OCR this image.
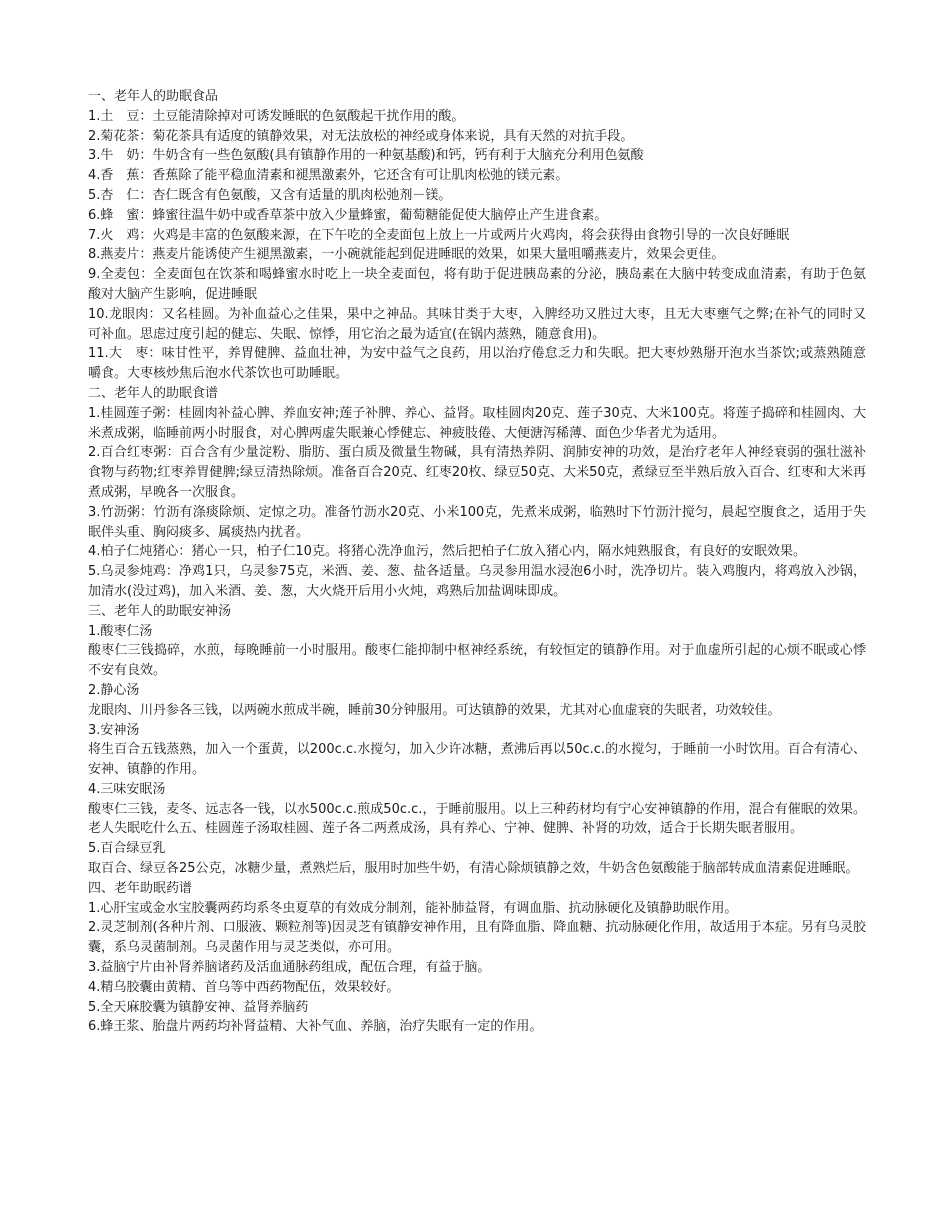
一、老年人的助眠食品

1.土　豆：土豆能清除掉对可诱发睡眠的色氨酸起干扰作用的酸。

2.菊花茶：菊花茶具有适度的镇静效果，对无法放松的神经或身体来说，具有天然的对抗手段。

3.牛　奶：牛奶含有一些色氨酸(具有镇静作用的一种氨基酸)和钙，钙有利于大脑充分利用色氨酸

4.香　蕉：香蕉除了能平稳血清素和褪黑激素外，它还含有可让肌肉松弛的镁元素。

5.杏　仁：杏仁既含有色氨酸，又含有适量的肌肉松弛剂－镁。

6.蜂　蜜：蜂蜜往温牛奶中或香草茶中放入少量蜂蜜，葡萄糖能促使大脑停止产生进食素。

7.火　鸡：火鸡是丰富的色氨酸来源，在下午吃的全麦面包上放上一片或两片火鸡肉，将会获得由食物引导的一次良好睡眠

8.燕麦片：燕麦片能诱使产生褪黑激素，一小碗就能起到促进睡眠的效果，如果大量咀嚼燕麦片，效果会更佳。

9.全麦包：全麦面包在饮茶和喝蜂蜜水时吃上一块全麦面包，将有助于促进胰岛素的分泌，胰岛素在大脑中转变成血清素，有助于色氨酸对大脑产生影响，促进睡眠

10.龙眼肉：又名桂圆。为补血益心之佳果，果中之神品。其味甘类于大枣，入脾经功又胜过大枣，且无大枣壅气之弊;在补气的同时又可补血。思虑过度引起的健忘、失眠、惊悸，用它治之最为适宜(在锅内蒸熟，随意食用)。

11.大　枣：味甘性平，养胃健脾、益血壮神，为安中益气之良药，用以治疗倦怠乏力和失眠。把大枣炒熟掰开泡水当茶饮;或蒸熟随意嚼食。大枣核炒焦后泡水代茶饮也可助睡眠。

二、老年人的助眠食谱

1.桂圆莲子粥：桂圆肉补益心脾、养血安神;莲子补脾、养心、益肾。取桂圆肉20克、莲子30克、大米100克。将莲子捣碎和桂圆肉、大米煮成粥，临睡前两小时服食，对心脾两虚失眠兼心悸健忘、神疲肢倦、大便溏泻稀薄、面色少华者尤为适用。

2.百合红枣粥：百合含有少量淀粉、脂肪、蛋白质及微量生物碱，具有清热养阴、润肺安神的功效，是治疗老年人神经衰弱的强壮滋补食物与药物;红枣养胃健脾;绿豆清热除烦。准备百合20克、红枣20枚、绿豆50克、大米50克，煮绿豆至半熟后放入百合、红枣和大米再煮成粥，早晚各一次服食。

3.竹沥粥：竹沥有涤痰除烦、定惊之功。准备竹沥水20克、小米100克，先煮米成粥，临熟时下竹沥汁搅匀，晨起空腹食之，适用于失眠伴头重、胸闷痰多、属痰热内扰者。

4.柏子仁炖猪心：猪心一只，柏子仁10克。将猪心洗净血污，然后把柏子仁放入猪心内，隔水炖熟服食，有良好的安眠效果。

5.乌灵参炖鸡：净鸡1只，乌灵参75克，米酒、姜、葱、盐各适量。乌灵参用温水浸泡6小时，洗净切片。装入鸡腹内，将鸡放入沙锅，加清水(没过鸡)，加入米酒、姜、葱，大火烧开后用小火炖，鸡熟后加盐调味即成。

三、老年人的助眠安神汤

1.酸枣仁汤

酸枣仁三钱捣碎，水煎，每晚睡前一小时服用。酸枣仁能抑制中枢神经系统，有较恒定的镇静作用。对于血虚所引起的心烦不眠或心悸不安有良效。

2.静心汤

龙眼肉、川丹参各三钱，以两碗水煎成半碗，睡前30分钟服用。可达镇静的效果，尤其对心血虚衰的失眠者，功效较佳。

3.安神汤

将生百合五钱蒸熟，加入一个蛋黄，以200c.c.水搅匀，加入少许冰糖，煮沸后再以50c.c.的水搅匀，于睡前一小时饮用。百合有清心、安神、镇静的作用。

4.三味安眠汤

酸枣仁三钱，麦冬、远志各一钱，以水500c.c.煎成50c.c.，于睡前服用。以上三种药材均有宁心安神镇静的作用，混合有催眠的效果。老人失眠吃什么五、桂圆莲子汤取桂圆、莲子各二两煮成汤，具有养心、宁神、健脾、补肾的功效，适合于长期失眠者服用。

5.百合绿豆乳

取百合、绿豆各25公克，冰糖少量，煮熟烂后，服用时加些牛奶，有清心除烦镇静之效，牛奶含色氨酸能于脑部转成血清素促进睡眠。

四、老年助眠药谱

1.心肝宝或金水宝胶囊两药均系冬虫夏草的有效成分制剂，能补肺益肾，有调血脂、抗动脉硬化及镇静助眠作用。

2.灵芝制剂(各种片剂、口服液、颗粒剂等)因灵芝有镇静安神作用，且有降血脂、降血糖、抗动脉硬化作用，故适用于本症。另有乌灵胶囊，系乌灵菌制剂。乌灵菌作用与灵芝类似，亦可用。

3.益脑宁片由补肾养脑诸药及活血通脉药组成，配伍合理，有益于脑。

4.精乌胶囊由黄精、首乌等中西药物配伍，效果较好。

5.全天麻胶囊为镇静安神、益肾养脑药

6.蜂王浆、胎盘片两药均补肾益精、大补气血、养脑，治疗失眠有一定的作用。
